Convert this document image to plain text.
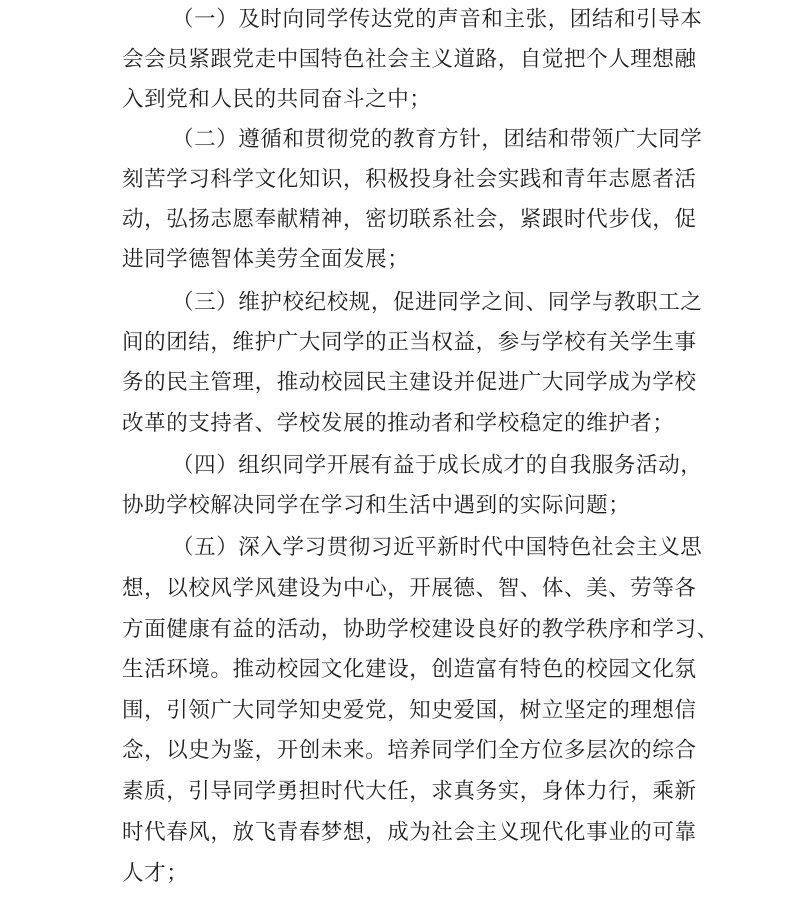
（一）及时向同学传达党的声音和主张，团结和引导本

会会员紧跟党走中国特色社会主义道路，自觉把个人理想融

入到党和人民的共同奋斗之中；

（二）遵循和贯彻党的教育方针，团结和带领广大同学

刻苦学习科学文化知识，积极投身社会实践和青年志愿者活

动，弘扬志愿奉献精神，密切联系社会，紧跟时代步伐，促

进同学德智体美劳全面发展；

（三）维护校纪校规，促进同学之间、同学与教职工之

间的团结，维护广大同学的正当权益，参与学校有关学生事

务的民主管理，推动校园民主建设并促进广大同学成为学校

改革的支持者、学校发展的推动者和学校稳定的维护者；

（四）组织同学开展有益于成长成才的自我服务活动，

协助学校解决同学在学习和生活中遇到的实际问题；

（五）深入学习贯彻习近平新时代中国特色社会主义思

想，以校风学风建设为中心，开展德、智、体、美、劳等各

方面健康有益的活动，协助学校建设良好的教学秩序和学习、

生活环境。推动校园文化建设，创造富有特色的校园文化氛

围，引领广大同学知史爱党，知史爱国，树立坚定的理想信

念，以史为鉴，开创未来。培养同学们全方位多层次的综合

素质，引导同学勇担时代大任，求真务实，身体力行，乘新

时代春风，放飞青春梦想，成为社会主义现代化事业的可靠

人才；
